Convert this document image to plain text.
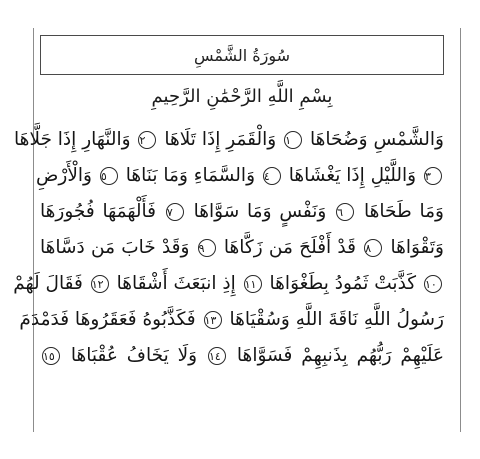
سُورَةُ الشَّمْسِ
بِسْمِ اللَّهِ الرَّحْمَٰنِ الرَّحِيمِ
وَالشَّمْسِ وَضُحَاهَا ١ وَالْقَمَرِ إِذَا تَلَاهَا ٢ وَالنَّهَارِ إِذَا جَلَّاهَا
٣ وَاللَّيْلِ إِذَا يَغْشَاهَا ٤ وَالسَّمَاءِ وَمَا بَنَاهَا ٥ وَالْأَرْضِ
وَمَا طَحَاهَا ٦ وَنَفْسٍ وَمَا سَوَّاهَا ٧ فَأَلْهَمَهَا فُجُورَهَا
وَتَقْوَاهَا ٨ قَدْ أَفْلَحَ مَن زَكَّاهَا ٩ وَقَدْ خَابَ مَن دَسَّاهَا
١٠ كَذَّبَتْ ثَمُودُ بِطَغْوَاهَا ١١ إِذِ انبَعَثَ أَشْقَاهَا ١٢ فَقَالَ لَهُمْ
رَسُولُ اللَّهِ نَاقَةَ اللَّهِ وَسُقْيَاهَا ١٣ فَكَذَّبُوهُ فَعَقَرُوهَا فَدَمْدَمَ
عَلَيْهِمْ رَبُّهُم بِذَنبِهِمْ فَسَوَّاهَا ١٤ وَلَا يَخَافُ عُقْبَاهَا ١٥
